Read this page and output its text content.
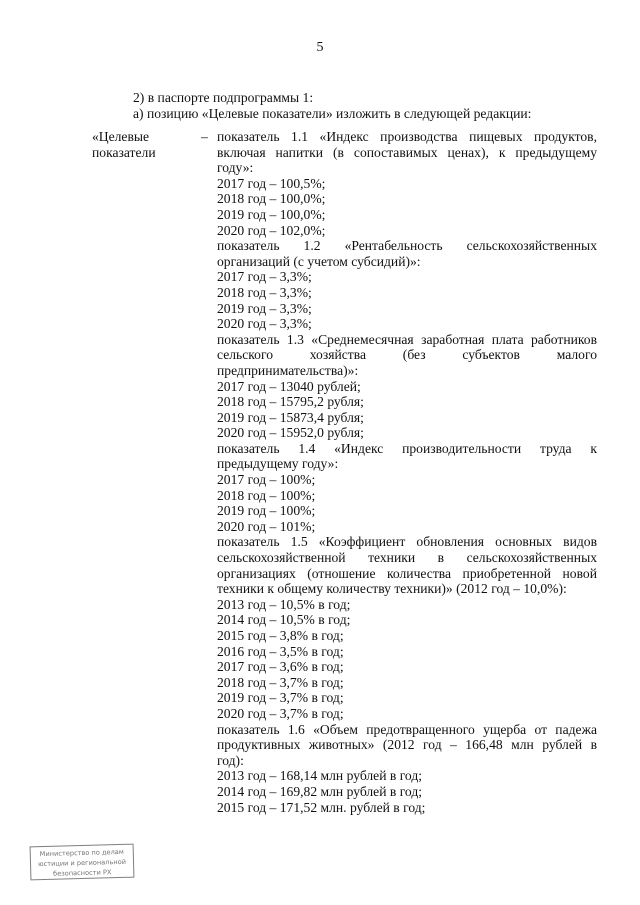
5
2) в паспорте подпрограммы 1:
а) позицию «Целевые показатели» изложить в следующей редакции:
«Целевые
показатели
– показатель 1.1 «Индекс производства пищевых продуктов,
включая напитки (в сопоставимых ценах), к предыдущему
году»:
2017 год – 100,5%;
2018 год – 100,0%;
2019 год – 100,0%;
2020 год – 102,0%;
показатель 1.2 «Рентабельность сельскохозяйственных
организаций (с учетом субсидий)»:
2017 год – 3,3%;
2018 год – 3,3%;
2019 год – 3,3%;
2020 год – 3,3%;
показатель 1.3 «Среднемесячная заработная плата работников
сельского хозяйства (без субъектов малого
предпринимательства)»:
2017 год – 13040 рублей;
2018 год – 15795,2 рубля;
2019 год – 15873,4 рубля;
2020 год – 15952,0 рубля;
показатель 1.4 «Индекс производительности труда к
предыдущему году»:
2017 год – 100%;
2018 год – 100%;
2019 год – 100%;
2020 год – 101%;
показатель 1.5 «Коэффициент обновления основных видов
сельскохозяйственной техники в сельскохозяйственных
организациях (отношение количества приобретенной новой
техники к общему количеству техники)» (2012 год – 10,0%):
2013 год – 10,5% в год;
2014 год – 10,5% в год;
2015 год – 3,8% в год;
2016 год – 3,5% в год;
2017 год – 3,6% в год;
2018 год – 3,7% в год;
2019 год – 3,7% в год;
2020 год – 3,7% в год;
показатель 1.6 «Объем предотвращенного ущерба от падежа
продуктивных животных» (2012 год – 166,48 млн рублей в
год):
2013 год – 168,14 млн рублей в год;
2014 год – 169,82 млн рублей в год;
2015 год – 171,52 млн. рублей в год;
Министерство по делам
юстиции и региональной
безопасности РХ
